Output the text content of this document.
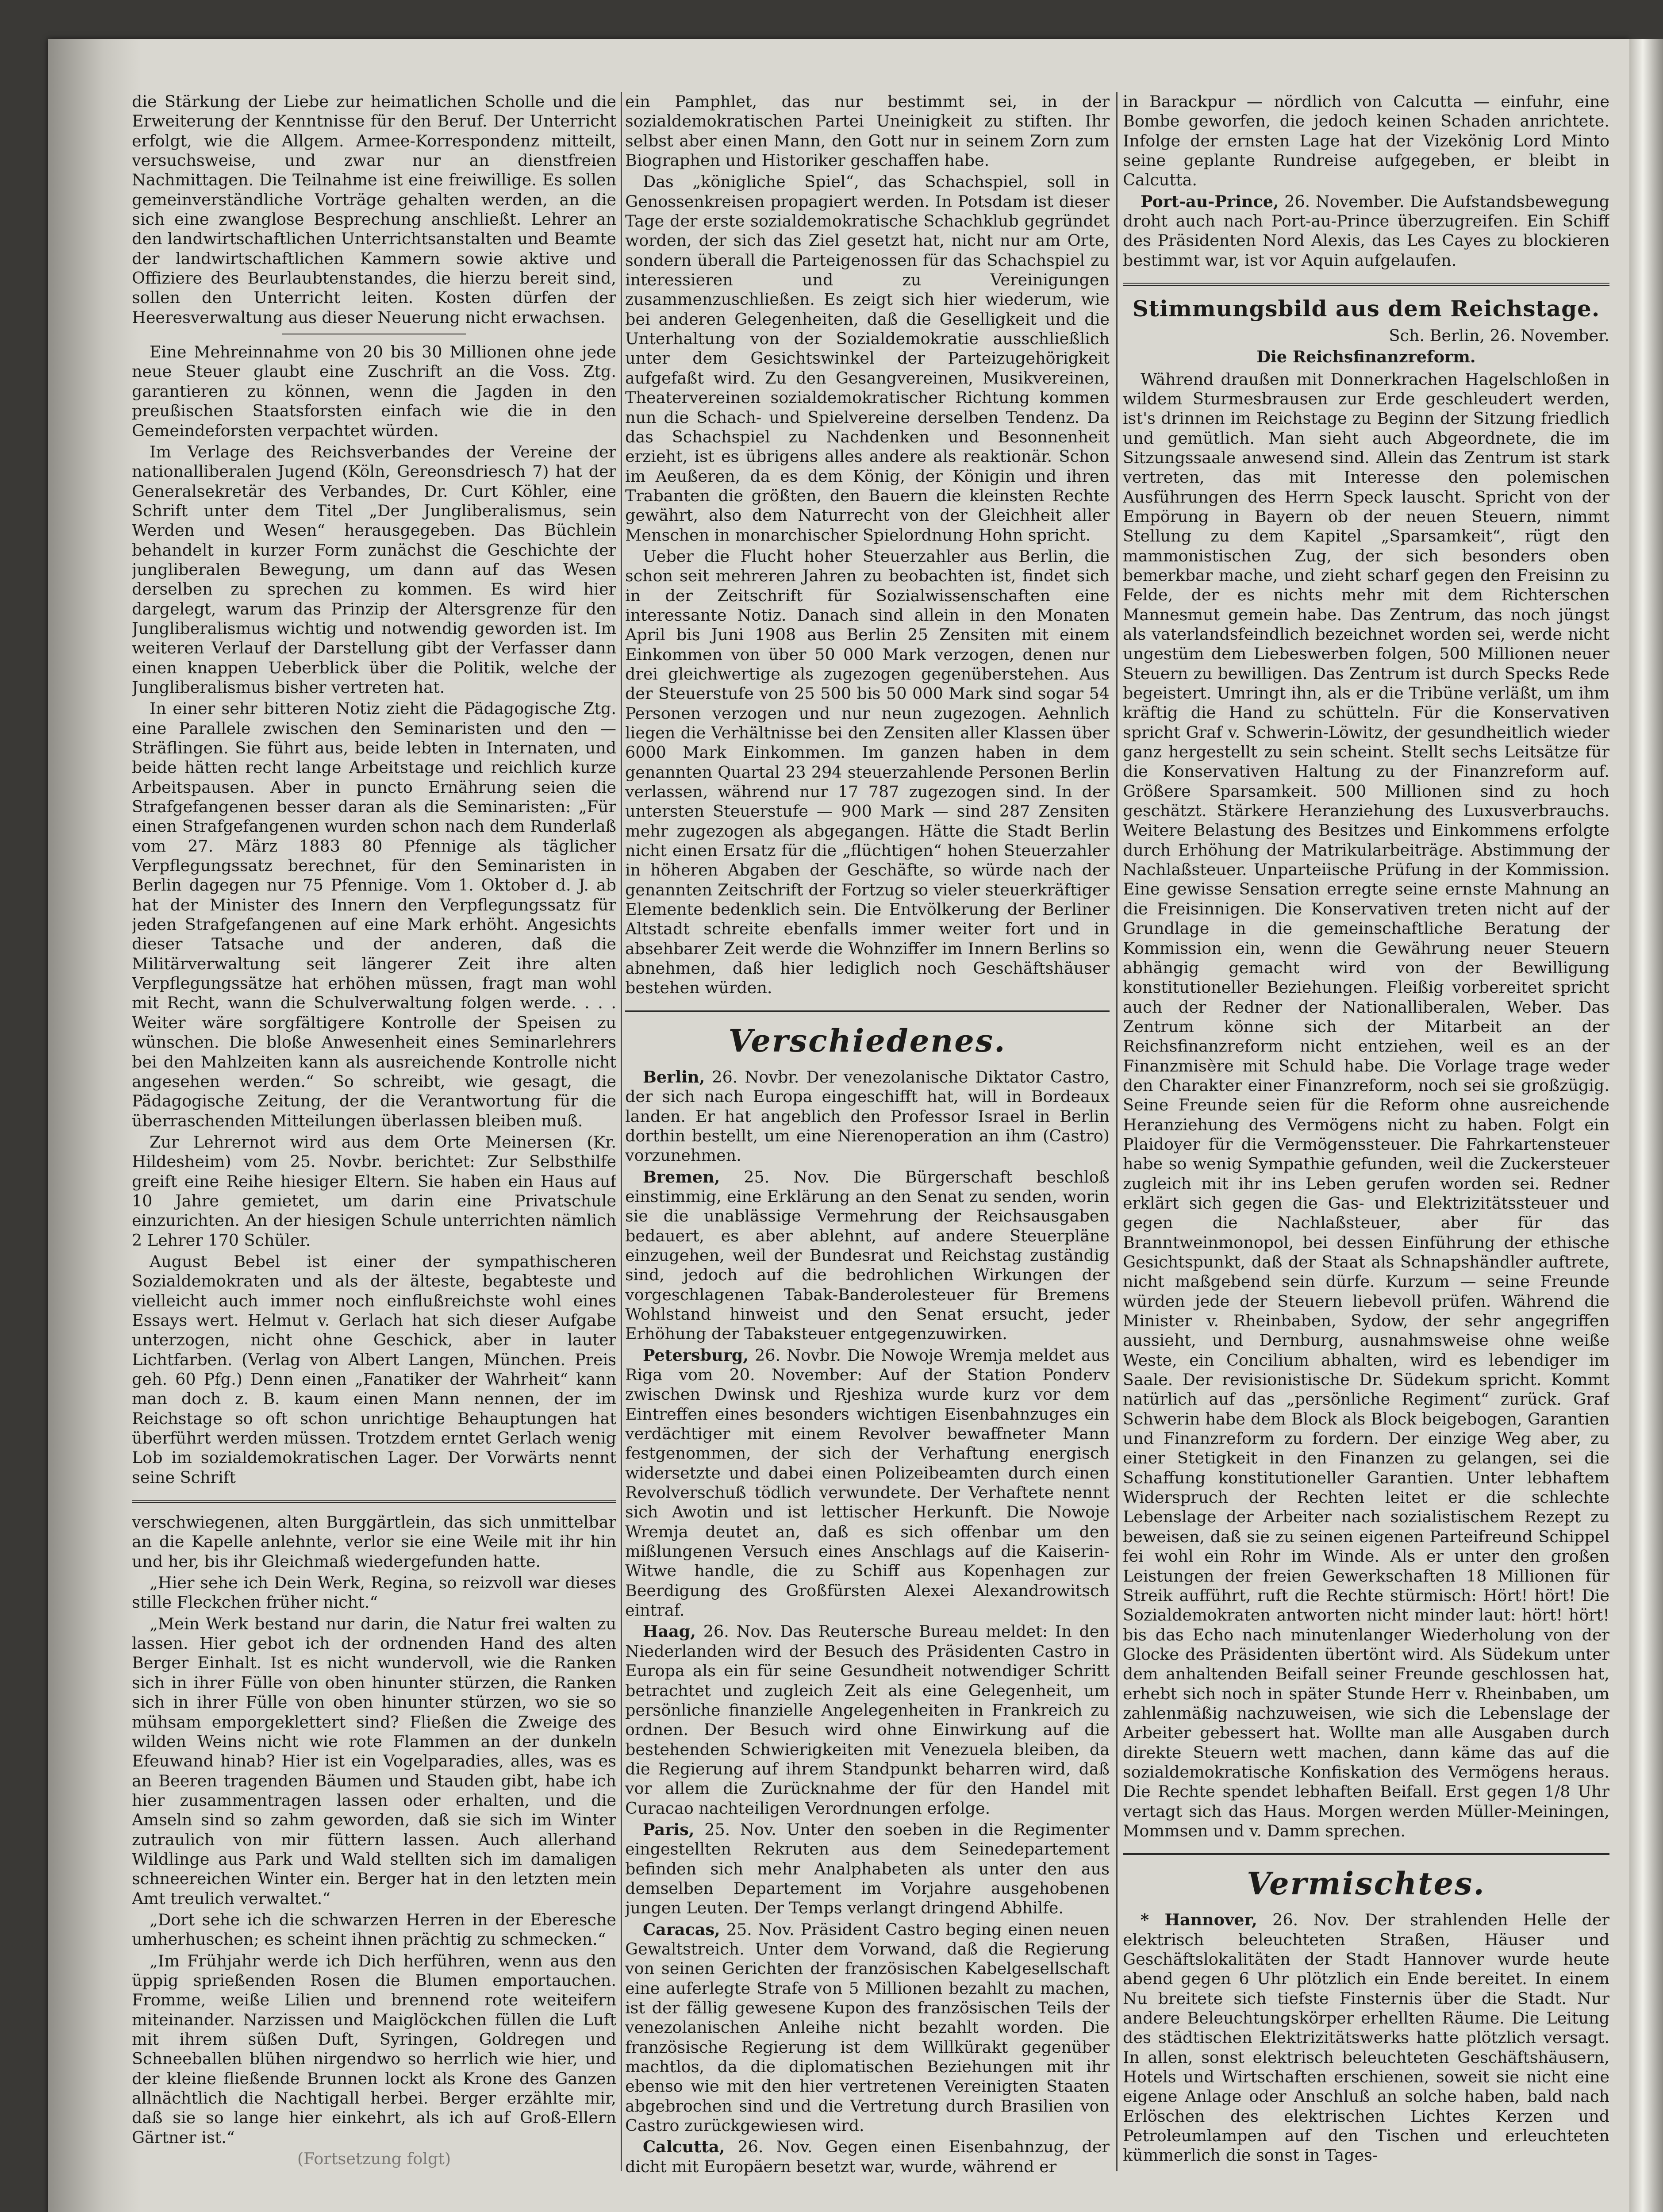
die Stärkung der Liebe zur heimatlichen Scholle und die Erweiterung der Kenntnisse für den Beruf. Der Unterricht erfolgt, wie die Allgem. Armee-Korrespondenz mitteilt, versuchsweise, und zwar nur an dienstfreien Nachmittagen. Die Teilnahme ist eine freiwillige. Es sollen gemeinverständliche Vorträge gehalten werden, an die sich eine zwanglose Besprechung anschließt. Lehrer an den landwirtschaftlichen Unterrichtsanstalten und Beamte der landwirtschaftlichen Kammern sowie aktive und Offiziere des Beurlaubtenstandes, die hierzu bereit sind, sollen den Unterricht leiten. Kosten dürfen der Heeresverwaltung aus dieser Neuerung nicht erwachsen.

Eine Mehreinnahme von 20 bis 30 Millionen ohne jede neue Steuer glaubt eine Zuschrift an die Voss. Ztg. garantieren zu können, wenn die Jagden in den preußischen Staatsforsten einfach wie die in den Gemeindeforsten verpachtet würden.

Im Verlage des Reichsverbandes der Vereine der nationalliberalen Jugend (Köln, Gereonsdriesch 7) hat der Generalsekretär des Verbandes, Dr. Curt Köhler, eine Schrift unter dem Titel „Der Jungliberalismus, sein Werden und Wesen“ herausgegeben. Das Büchlein behandelt in kurzer Form zunächst die Geschichte der jungliberalen Bewegung, um dann auf das Wesen derselben zu sprechen zu kommen. Es wird hier dargelegt, warum das Prinzip der Altersgrenze für den Jungliberalismus wichtig und notwendig geworden ist. Im weiteren Verlauf der Darstellung gibt der Verfasser dann einen knappen Ueberblick über die Politik, welche der Jungliberalismus bisher vertreten hat.

In einer sehr bitteren Notiz zieht die Pädagogische Ztg. eine Parallele zwischen den Seminaristen und den — Sträflingen. Sie führt aus, beide lebten in Internaten, und beide hätten recht lange Arbeitstage und reichlich kurze Arbeitspausen. Aber in puncto Ernährung seien die Strafgefangenen besser daran als die Seminaristen: „Für einen Strafgefangenen wurden schon nach dem Runderlaß vom 27. März 1883 80 Pfennige als täglicher Verpflegungssatz berechnet, für den Seminaristen in Berlin dagegen nur 75 Pfennige. Vom 1. Oktober d. J. ab hat der Minister des Innern den Verpflegungssatz für jeden Strafgefangenen auf eine Mark erhöht. Angesichts dieser Tatsache und der anderen, daß die Militärverwaltung seit längerer Zeit ihre alten Verpflegungssätze hat erhöhen müssen, fragt man wohl mit Recht, wann die Schulverwaltung folgen werde. . . . Weiter wäre sorgfältigere Kontrolle der Speisen zu wünschen. Die bloße Anwesenheit eines Seminarlehrers bei den Mahlzeiten kann als ausreichende Kontrolle nicht angesehen werden.“ So schreibt, wie gesagt, die Pädagogische Zeitung, der die Verantwortung für die überraschenden Mitteilungen überlassen bleiben muß.

Zur Lehrernot wird aus dem Orte Meinersen (Kr. Hildesheim) vom 25. Novbr. berichtet: Zur Selbsthilfe greift eine Reihe hiesiger Eltern. Sie haben ein Haus auf 10 Jahre gemietet, um darin eine Privatschule einzurichten. An der hiesigen Schule unterrichten nämlich 2 Lehrer 170 Schüler.

August Bebel ist einer der sympathischeren Sozialdemokraten und als der älteste, begabteste und vielleicht auch immer noch einflußreichste wohl eines Essays wert. Helmut v. Gerlach hat sich dieser Aufgabe unterzogen, nicht ohne Geschick, aber in lauter Lichtfarben. (Verlag von Albert Langen, München. Preis geh. 60 Pfg.) Denn einen „Fanatiker der Wahrheit“ kann man doch z. B. kaum einen Mann nennen, der im Reichstage so oft schon unrichtige Behauptungen hat überführt werden müssen. Trotzdem erntet Gerlach wenig Lob im sozialdemokratischen Lager. Der Vorwärts nennt seine Schrift

verschwiegenen, alten Burggärtlein, das sich unmittelbar an die Kapelle anlehnte, verlor sie eine Weile mit ihr hin und her, bis ihr Gleichmaß wiedergefunden hatte.

„Hier sehe ich Dein Werk, Regina, so reizvoll war dieses stille Fleckchen früher nicht.“

„Mein Werk bestand nur darin, die Natur frei walten zu lassen. Hier gebot ich der ordnenden Hand des alten Berger Einhalt. Ist es nicht wundervoll, wie die Ranken sich in ihrer Fülle von oben hinunter stürzen, die Ranken sich in ihrer Fülle von oben hinunter stürzen, wo sie so mühsam emporgeklettert sind? Fließen die Zweige des wilden Weins nicht wie rote Flammen an der dunkeln Efeuwand hinab? Hier ist ein Vogelparadies, alles, was es an Beeren tragenden Bäumen und Stauden gibt, habe ich hier zusammentragen lassen oder erhalten, und die Amseln sind so zahm geworden, daß sie sich im Winter zutraulich von mir füttern lassen. Auch allerhand Wildlinge aus Park und Wald stellten sich im damaligen schneereichen Winter ein. Berger hat in den letzten mein Amt treulich verwaltet.“

„Dort sehe ich die schwarzen Herren in der Eberesche umherhuschen; es scheint ihnen prächtig zu schmecken.“

„Im Frühjahr werde ich Dich herführen, wenn aus den üppig sprießenden Rosen die Blumen emportauchen. Fromme, weiße Lilien und brennend rote weiteifern miteinander. Narzissen und Maiglöckchen füllen die Luft mit ihrem süßen Duft, Syringen, Goldregen und Schneeballen blühen nirgendwo so herrlich wie hier, und der kleine fließende Brunnen lockt als Krone des Ganzen allnächtlich die Nachtigall herbei. Berger erzählte mir, daß sie so lange hier einkehrt, als ich auf Groß-Ellern Gärtner ist.“

(Fortsetzung folgt)

ein Pamphlet, das nur bestimmt sei, in der sozialdemokratischen Partei Uneinigkeit zu stiften. Ihr selbst aber einen Mann, den Gott nur in seinem Zorn zum Biographen und Historiker geschaffen habe.

Das „königliche Spiel“, das Schachspiel, soll in Genossenkreisen propagiert werden. In Potsdam ist dieser Tage der erste sozialdemokratische Schachklub gegründet worden, der sich das Ziel gesetzt hat, nicht nur am Orte, sondern überall die Parteigenossen für das Schachspiel zu interessieren und zu Vereinigungen zusammenzuschließen. Es zeigt sich hier wiederum, wie bei anderen Gelegenheiten, daß die Geselligkeit und die Unterhaltung von der Sozialdemokratie ausschließlich unter dem Gesichtswinkel der Parteizugehörigkeit aufgefaßt wird. Zu den Gesangvereinen, Musikvereinen, Theatervereinen sozialdemokratischer Richtung kommen nun die Schach- und Spielvereine derselben Tendenz. Da das Schachspiel zu Nachdenken und Besonnenheit erzieht, ist es übrigens alles andere als reaktionär. Schon im Aeußeren, da es dem König, der Königin und ihren Trabanten die größten, den Bauern die kleinsten Rechte gewährt, also dem Naturrecht von der Gleichheit aller Menschen in monarchischer Spielordnung Hohn spricht.

Ueber die Flucht hoher Steuerzahler aus Berlin, die schon seit mehreren Jahren zu beobachten ist, findet sich in der Zeitschrift für Sozialwissenschaften eine interessante Notiz. Danach sind allein in den Monaten April bis Juni 1908 aus Berlin 25 Zensiten mit einem Einkommen von über 50 000 Mark verzogen, denen nur drei gleichwertige als zugezogen gegenüberstehen. Aus der Steuerstufe von 25 500 bis 50 000 Mark sind sogar 54 Personen verzogen und nur neun zugezogen. Aehnlich liegen die Verhältnisse bei den Zensiten aller Klassen über 6000 Mark Einkommen. Im ganzen haben in dem genannten Quartal 23 294 steuerzahlende Personen Berlin verlassen, während nur 17 787 zugezogen sind. In der untersten Steuerstufe — 900 Mark — sind 287 Zensiten mehr zugezogen als abgegangen. Hätte die Stadt Berlin nicht einen Ersatz für die „flüchtigen“ hohen Steuerzahler in höheren Abgaben der Geschäfte, so würde nach der genannten Zeitschrift der Fortzug so vieler steuerkräftiger Elemente bedenklich sein. Die Entvölkerung der Berliner Altstadt schreite ebenfalls immer weiter fort und in absehbarer Zeit werde die Wohnziffer im Innern Berlins so abnehmen, daß hier lediglich noch Geschäftshäuser bestehen würden.

Verschiedenes.

Berlin, 26. Novbr. Der venezolanische Diktator Castro, der sich nach Europa eingeschifft hat, will in Bordeaux landen. Er hat angeblich den Professor Israel in Berlin dorthin bestellt, um eine Nierenoperation an ihm (Castro) vorzunehmen.

Bremen, 25. Nov. Die Bürgerschaft beschloß einstimmig, eine Erklärung an den Senat zu senden, worin sie die unablässige Vermehrung der Reichsausgaben bedauert, es aber ablehnt, auf andere Steuerpläne einzugehen, weil der Bundesrat und Reichstag zuständig sind, jedoch auf die bedrohlichen Wirkungen der vorgeschlagenen Tabak-Banderolesteuer für Bremens Wohlstand hinweist und den Senat ersucht, jeder Erhöhung der Tabaksteuer entgegenzuwirken.

Petersburg, 26. Novbr. Die Nowoje Wremja meldet aus Riga vom 20. November: Auf der Station Ponderv zwischen Dwinsk und Rjeshiza wurde kurz vor dem Eintreffen eines besonders wichtigen Eisenbahnzuges ein verdächtiger mit einem Revolver bewaffneter Mann festgenommen, der sich der Verhaftung energisch widersetzte und dabei einen Polizeibeamten durch einen Revolverschuß tödlich verwundete. Der Verhaftete nennt sich Awotin und ist lettischer Herkunft. Die Nowoje Wremja deutet an, daß es sich offenbar um den mißlungenen Versuch eines Anschlags auf die Kaiserin-Witwe handle, die zu Schiff aus Kopenhagen zur Beerdigung des Großfürsten Alexei Alexandrowitsch eintraf.

Haag, 26. Nov. Das Reutersche Bureau meldet: In den Niederlanden wird der Besuch des Präsidenten Castro in Europa als ein für seine Gesundheit notwendiger Schritt betrachtet und zugleich Zeit als eine Gelegenheit, um persönliche finanzielle Angelegenheiten in Frankreich zu ordnen. Der Besuch wird ohne Einwirkung auf die bestehenden Schwierigkeiten mit Venezuela bleiben, da die Regierung auf ihrem Standpunkt beharren wird, daß vor allem die Zurücknahme der für den Handel mit Curacao nachteiligen Verordnungen erfolge.

Paris, 25. Nov. Unter den soeben in die Regimenter eingestellten Rekruten aus dem Seinedepartement befinden sich mehr Analphabeten als unter den aus demselben Departement im Vorjahre ausgehobenen jungen Leuten. Der Temps verlangt dringend Abhilfe.

Caracas, 25. Nov. Präsident Castro beging einen neuen Gewaltstreich. Unter dem Vorwand, daß die Regierung von seinen Gerichten der französischen Kabelgesellschaft eine auferlegte Strafe von 5 Millionen bezahlt zu machen, ist der fällig gewesene Kupon des französischen Teils der venezolanischen Anleihe nicht bezahlt worden. Die französische Regierung ist dem Willkürakt gegenüber machtlos, da die diplomatischen Beziehungen mit ihr ebenso wie mit den hier vertretenen Vereinigten Staaten abgebrochen sind und die Vertretung durch Brasilien von Castro zurückgewiesen wird.

Calcutta, 26. Nov. Gegen einen Eisenbahnzug, der dicht mit Europäern besetzt war, wurde, während er

in Barackpur — nördlich von Calcutta — einfuhr, eine Bombe geworfen, die jedoch keinen Schaden anrichtete. Infolge der ernsten Lage hat der Vizekönig Lord Minto seine geplante Rundreise aufgegeben, er bleibt in Calcutta.

Port-au-Prince, 26. November. Die Aufstandsbewegung droht auch nach Port-au-Prince überzugreifen. Ein Schiff des Präsidenten Nord Alexis, das Les Cayes zu blockieren bestimmt war, ist vor Aquin aufgelaufen.

Stimmungsbild aus dem Reichstage.

Sch. Berlin, 26. November.

Die Reichsfinanzreform.

Während draußen mit Donnerkrachen Hagelschloßen in wildem Sturmesbrausen zur Erde geschleudert werden, ist's drinnen im Reichstage zu Beginn der Sitzung friedlich und gemütlich. Man sieht auch Abgeordnete, die im Sitzungssaale anwesend sind. Allein das Zentrum ist stark vertreten, das mit Interesse den polemischen Ausführungen des Herrn Speck lauscht. Spricht von der Empörung in Bayern ob der neuen Steuern, nimmt Stellung zu dem Kapitel „Sparsamkeit“, rügt den mammonistischen Zug, der sich besonders oben bemerkbar mache, und zieht scharf gegen den Freisinn zu Felde, der es nichts mehr mit dem Richterschen Mannesmut gemein habe. Das Zentrum, das noch jüngst als vaterlandsfeindlich bezeichnet worden sei, werde nicht ungestüm dem Liebeswerben folgen, 500 Millionen neuer Steuern zu bewilligen. Das Zentrum ist durch Specks Rede begeistert. Umringt ihn, als er die Tribüne verläßt, um ihm kräftig die Hand zu schütteln. Für die Konservativen spricht Graf v. Schwerin-Löwitz, der gesundheitlich wieder ganz hergestellt zu sein scheint. Stellt sechs Leitsätze für die Konservativen Haltung zu der Finanzreform auf. Größere Sparsamkeit. 500 Millionen sind zu hoch geschätzt. Stärkere Heranziehung des Luxusverbrauchs. Weitere Belastung des Besitzes und Einkommens erfolgte durch Erhöhung der Matrikularbeiträge. Abstimmung der Nachlaßsteuer. Unparteiische Prüfung in der Kommission. Eine gewisse Sensation erregte seine ernste Mahnung an die Freisinnigen. Die Konservativen treten nicht auf der Grundlage in die gemeinschaftliche Beratung der Kommission ein, wenn die Gewährung neuer Steuern abhängig gemacht wird von der Bewilligung konstitutioneller Beziehungen. Fleißig vorbereitet spricht auch der Redner der Nationalliberalen, Weber. Das Zentrum könne sich der Mitarbeit an der Reichsfinanzreform nicht entziehen, weil es an der Finanzmisère mit Schuld habe. Die Vorlage trage weder den Charakter einer Finanzreform, noch sei sie großzügig. Seine Freunde seien für die Reform ohne ausreichende Heranziehung des Vermögens nicht zu haben. Folgt ein Plaidoyer für die Vermögenssteuer. Die Fahrkartensteuer habe so wenig Sympathie gefunden, weil die Zuckersteuer zugleich mit ihr ins Leben gerufen worden sei. Redner erklärt sich gegen die Gas- und Elektrizitätssteuer und gegen die Nachlaßsteuer, aber für das Branntweinmonopol, bei dessen Einführung der ethische Gesichtspunkt, daß der Staat als Schnapshändler auftrete, nicht maßgebend sein dürfe. Kurzum — seine Freunde würden jede der Steuern liebevoll prüfen. Während die Minister v. Rheinbaben, Sydow, der sehr angegriffen aussieht, und Dernburg, ausnahmsweise ohne weiße Weste, ein Concilium abhalten, wird es lebendiger im Saale. Der revisionistische Dr. Südekum spricht. Kommt natürlich auf das „persönliche Regiment“ zurück. Graf Schwerin habe dem Block als Block beigebogen, Garantien und Finanzreform zu fordern. Der einzige Weg aber, zu einer Stetigkeit in den Finanzen zu gelangen, sei die Schaffung konstitutioneller Garantien. Unter lebhaftem Widerspruch der Rechten leitet er die schlechte Lebenslage der Arbeiter nach sozialistischem Rezept zu beweisen, daß sie zu seinen eigenen Parteifreund Schippel fei wohl ein Rohr im Winde. Als er unter den großen Leistungen der freien Gewerkschaften 18 Millionen für Streik aufführt, ruft die Rechte stürmisch: Hört! hört! Die Sozialdemokraten antworten nicht minder laut: hört! hört! bis das Echo nach minutenlanger Wiederholung von der Glocke des Präsidenten übertönt wird. Als Südekum unter dem anhaltenden Beifall seiner Freunde geschlossen hat, erhebt sich noch in später Stunde Herr v. Rheinbaben, um zahlenmäßig nachzuweisen, wie sich die Lebenslage der Arbeiter gebessert hat. Wollte man alle Ausgaben durch direkte Steuern wett machen, dann käme das auf die sozialdemokratische Konfiskation des Vermögens heraus. Die Rechte spendet lebhaften Beifall. Erst gegen 1/8 Uhr vertagt sich das Haus. Morgen werden Müller-Meiningen, Mommsen und v. Damm sprechen.

Vermischtes.

* Hannover, 26. Nov. Der strahlenden Helle der elektrisch beleuchteten Straßen, Häuser und Geschäftslokalitäten der Stadt Hannover wurde heute abend gegen 6 Uhr plötzlich ein Ende bereitet. In einem Nu breitete sich tiefste Finsternis über die Stadt. Nur andere Beleuchtungskörper erhellten Räume. Die Leitung des städtischen Elektrizitätswerks hatte plötzlich versagt. In allen, sonst elektrisch beleuchteten Geschäftshäusern, Hotels und Wirtschaften erschienen, soweit sie nicht eine eigene Anlage oder Anschluß an solche haben, bald nach Erlöschen des elektrischen Lichtes Kerzen und Petroleumlampen auf den Tischen und erleuchteten kümmerlich die sonst in Tages-
